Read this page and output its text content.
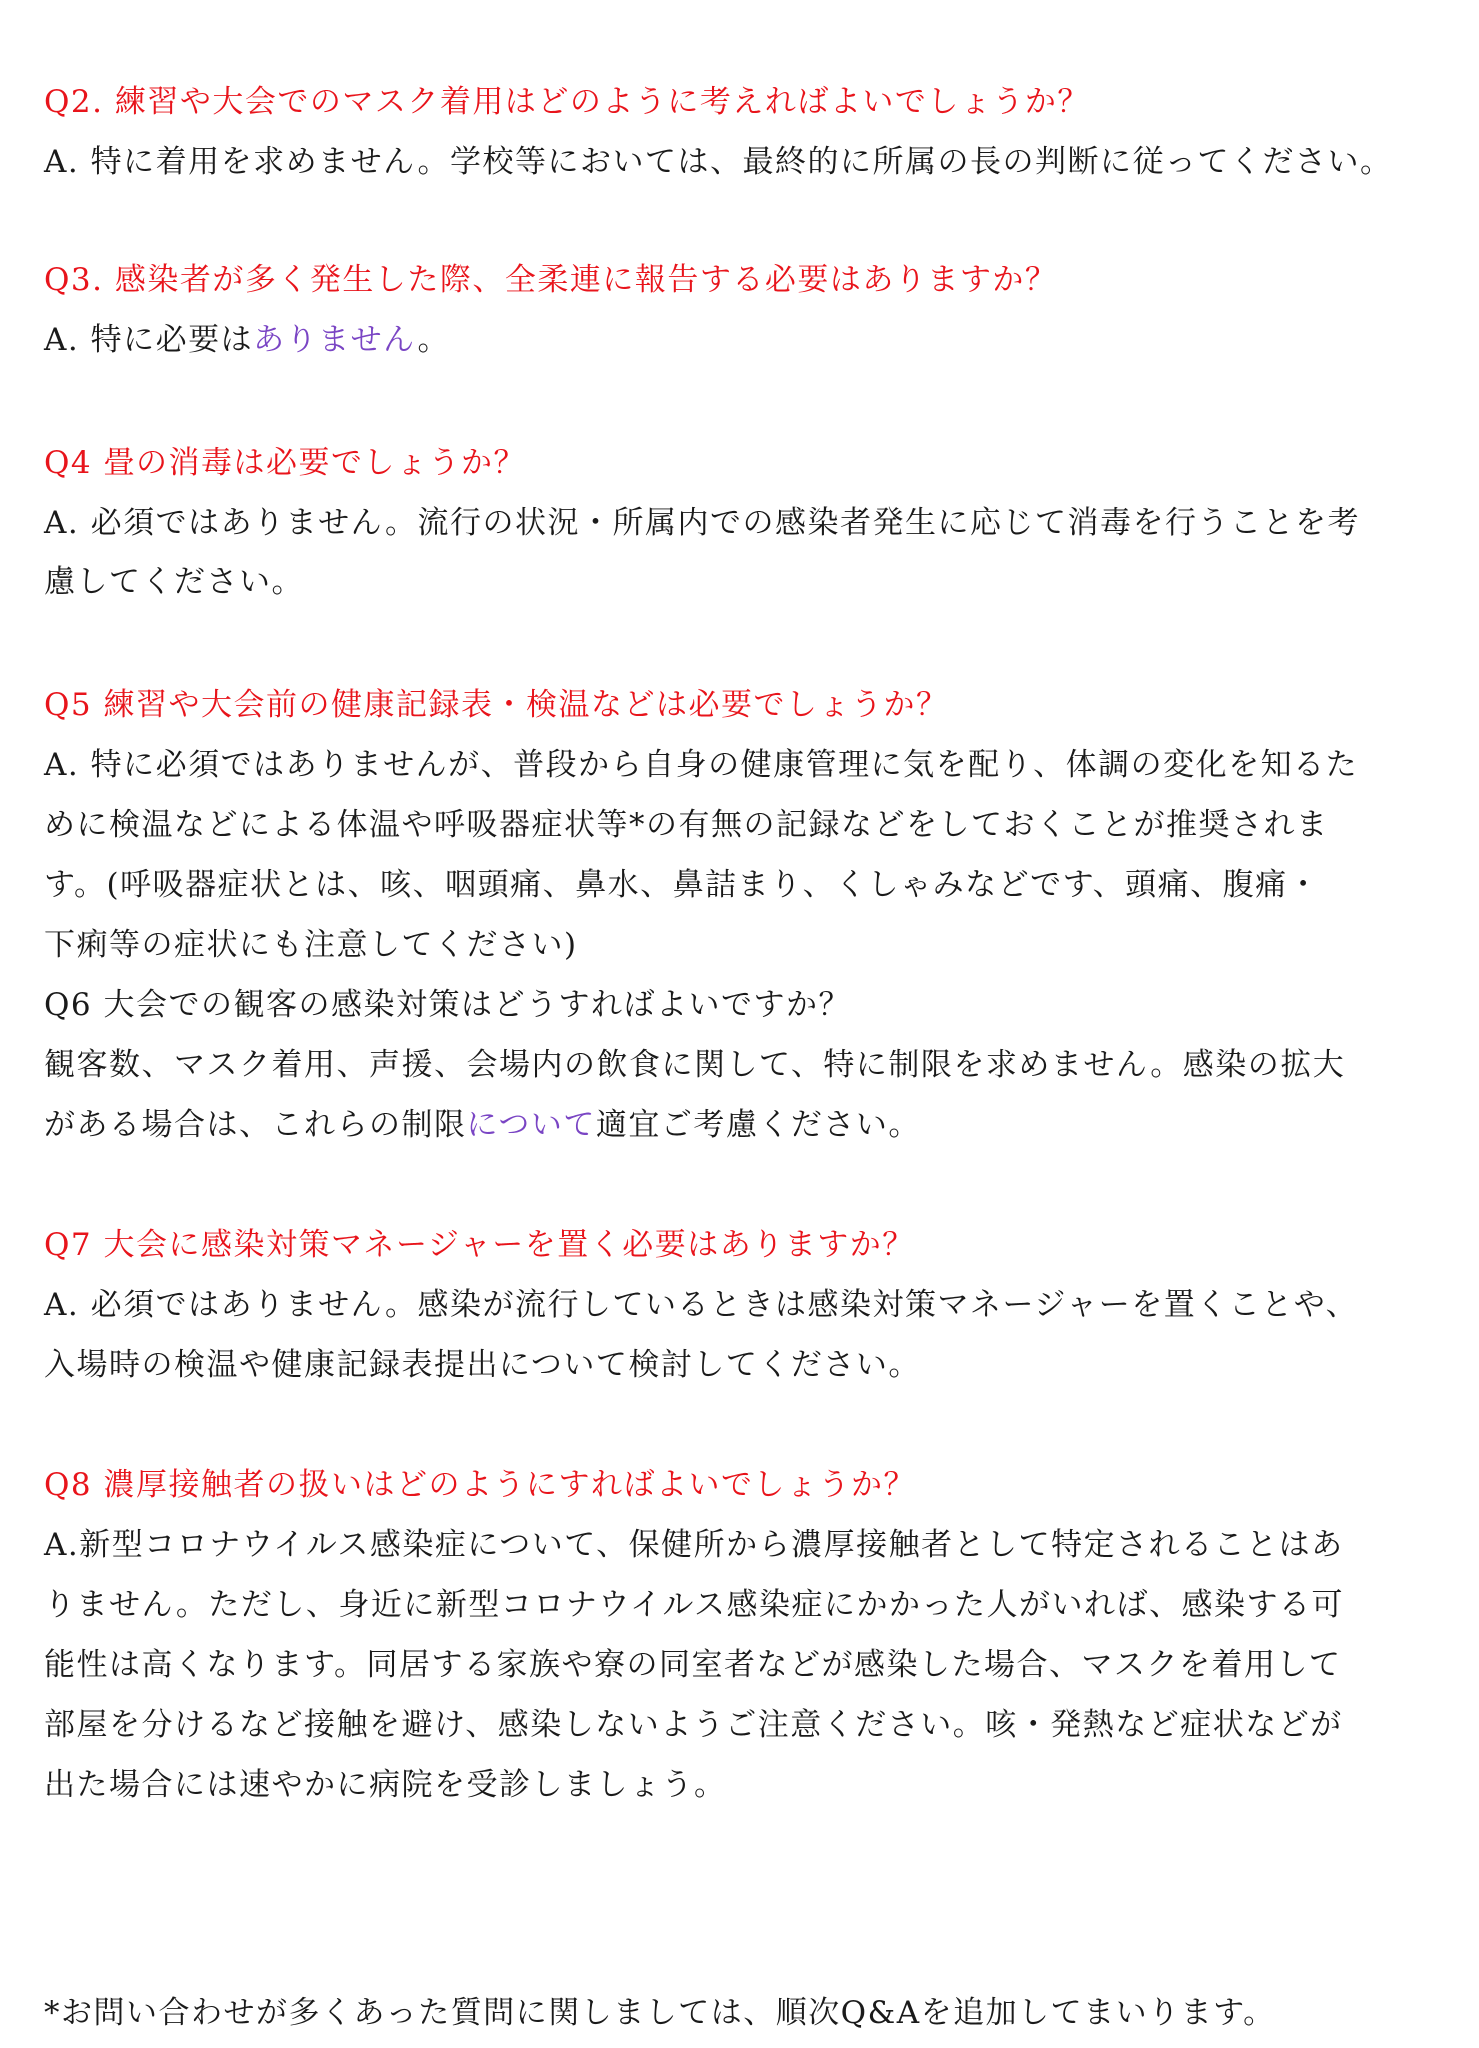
Q2. 練習や大会でのマスク着用はどのように考えればよいでしょうか？
A. 特に着用を求めません。学校等においては、最終的に所属の長の判断に従ってください。
Q3. 感染者が多く発生した際、全柔連に報告する必要はありますか？
A. 特に必要はありません。
Q4 畳の消毒は必要でしょうか？
A. 必須ではありません。流行の状況・所属内での感染者発生に応じて消毒を行うことを考
慮してください。
Q5 練習や大会前の健康記録表・検温などは必要でしょうか？
A. 特に必須ではありませんが、普段から自身の健康管理に気を配り、体調の変化を知るた
めに検温などによる体温や呼吸器症状等*の有無の記録などをしておくことが推奨されま
す。(呼吸器症状とは、咳、咽頭痛、鼻水、鼻詰まり、くしゃみなどです、頭痛、腹痛・
下痢等の症状にも注意してください)
Q6 大会での観客の感染対策はどうすればよいですか？
観客数、マスク着用、声援、会場内の飲食に関して、特に制限を求めません。感染の拡大
がある場合は、これらの制限について適宜ご考慮ください。
Q7 大会に感染対策マネージャーを置く必要はありますか？
A. 必須ではありません。感染が流行しているときは感染対策マネージャーを置くことや、
入場時の検温や健康記録表提出について検討してください。
Q8 濃厚接触者の扱いはどのようにすればよいでしょうか？
A.新型コロナウイルス感染症について、保健所から濃厚接触者として特定されることはあ
りません。ただし、身近に新型コロナウイルス感染症にかかった人がいれば、感染する可
能性は高くなります。同居する家族や寮の同室者などが感染した場合、マスクを着用して
部屋を分けるなど接触を避け、感染しないようご注意ください。咳・発熱など症状などが
出た場合には速やかに病院を受診しましょう。
*お問い合わせが多くあった質問に関しましては、順次Q&Aを追加してまいります。
